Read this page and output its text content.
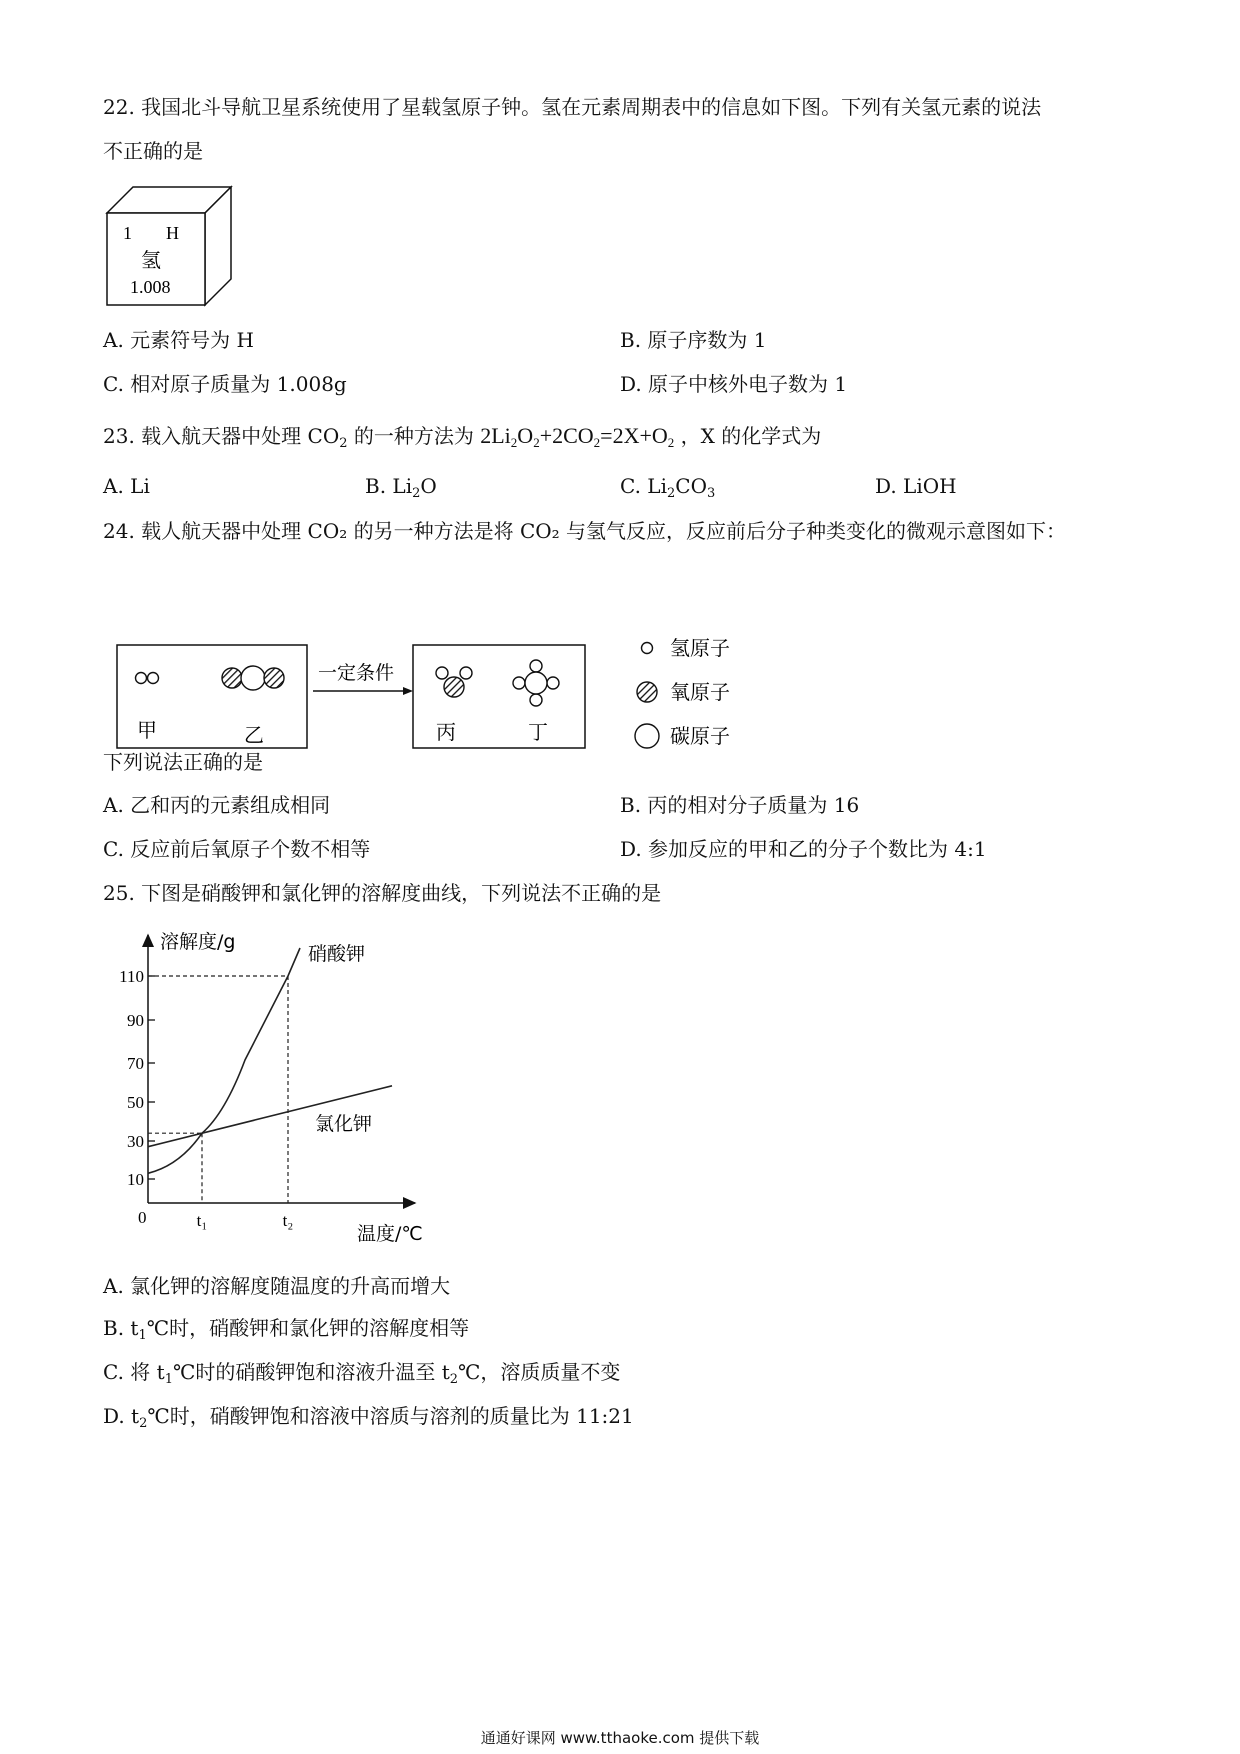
22. 我国北斗导航卫星系统使用了星载氢原子钟。氢在元素周期表中的信息如下图。下列有关氢元素的说法
不正确的是
1 H
氢
1.008
A. 元素符号为 H	B. 原子序数为 1
C. 相对原子质量为 1.008g	D. 原子中核外电子数为 1
23. 载入航天器中处理 $CO_2$ 的一种方法为 $2Li_2O_2+2CO_2=2X+O_2$ ，X 的化学式为
A. Li	B. $Li_2O$	C. $Li_2CO_3$	D. LiOH
24. 载人航天器中处理 CO₂ 的另一种方法是将 CO₂ 与氢气反应，反应前后分子种类变化的微观示意图如下：
甲	乙
一定条件
丙	丁
氢原子
氧原子
碳原子
下列说法正确的是
A. 乙和丙的元素组成相同	B. 丙的相对分子质量为 16
C. 反应前后氧原子个数不相等	D. 参加反应的甲和乙的分子个数比为 4:1
25. 下图是硝酸钾和氯化钾的溶解度曲线，下列说法不正确的是
溶解度/g
温度/℃
110
90
70
50
30
10
0	t₁	t₂
硝酸钾
氯化钾
A. 氯化钾的溶解度随温度的升高而增大
B. $t_1℃$时，硝酸钾和氯化钾的溶解度相等
C. 将 $t_1℃$时的硝酸钾饱和溶液升温至 $t_2℃$，溶质质量不变
D. $t_2℃$时，硝酸钾饱和溶液中溶质与溶剂的质量比为 11:21
通通好课网 www.tthaoke.com 提供下载
